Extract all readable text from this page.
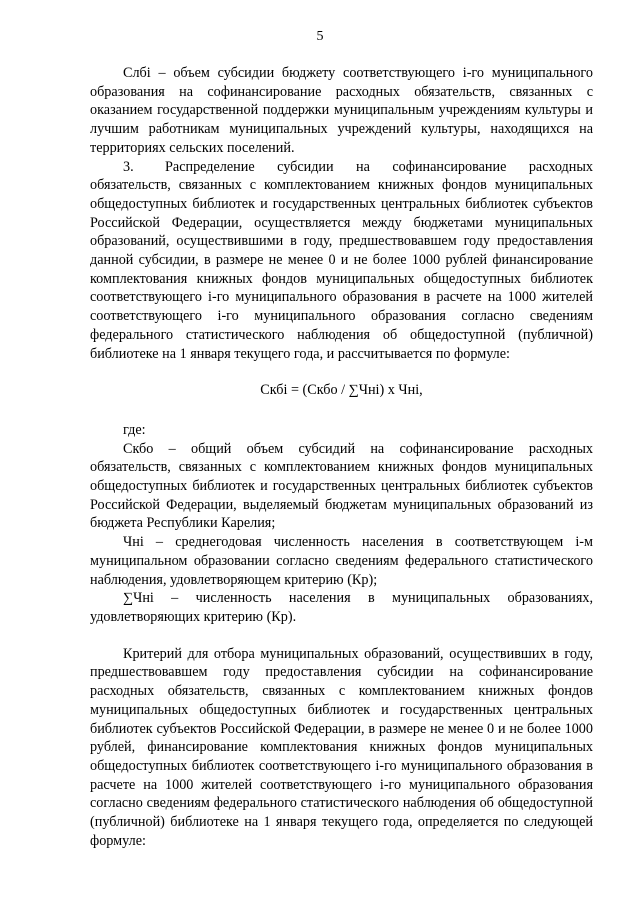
5

Слбi – объем субсидии бюджету соответствующего i-го муниципального образования на софинансирование расходных обязательств, связанных с оказанием государственной поддержки муниципальным учреждениям культуры и лучшим работникам муниципальных учреждений культуры, находящихся на территориях сельских поселений.

3.	Распределение субсидии на софинансирование расходных

обязательств, связанных с комплектованием книжных фондов муниципальных общедоступных библиотек и государственных центральных библиотек субъектов Российской Федерации, осуществляется между бюджетами муниципальных образований, осуществившими в году, предшествовавшем году предоставления данной субсидии, в размере не менее 0 и не более 1000 рублей финансирование комплектования книжных фондов муниципальных общедоступных библиотек соответствующего i-го муниципального образования в расчете на 1000 жителей соответствующего i-го муниципального образования согласно сведениям федерального статистического наблюдения об общедоступной (публичной) библиотеке на 1 января текущего года, и рассчитывается по формуле:

Скбi = (Скбо / ∑Чнi) х Чнi,

где:

Скбо – общий объем субсидий на софинансирование расходных обязательств, связанных с комплектованием книжных фондов муниципальных общедоступных библиотек и государственных центральных библиотек субъектов Российской Федерации, выделяемый бюджетам муниципальных образований из бюджета Республики Карелия;

Чнi – среднегодовая численность населения в соответствующем i-м муниципальном образовании согласно сведениям федерального статистического наблюдения, удовлетворяющем критерию (Кр);

∑Чнi – численность населения в муниципальных образованиях, удовлетворяющих критерию (Кр).

Критерий для отбора муниципальных образований, осуществивших в году, предшествовавшем году предоставления субсидии на софинансирование расходных обязательств, связанных с комплектованием книжных фондов муниципальных общедоступных библиотек и государственных центральных библиотек субъектов Российской Федерации, в размере не менее 0 и не более 1000 рублей, финансирование комплектования книжных фондов муниципальных общедоступных библиотек соответствующего i-го муниципального образования в расчете на 1000 жителей соответствующего i-го муниципального образования согласно сведениям федерального статистического наблюдения об общедоступной (публичной) библиотеке на 1 января текущего года, определяется по следующей формуле:
